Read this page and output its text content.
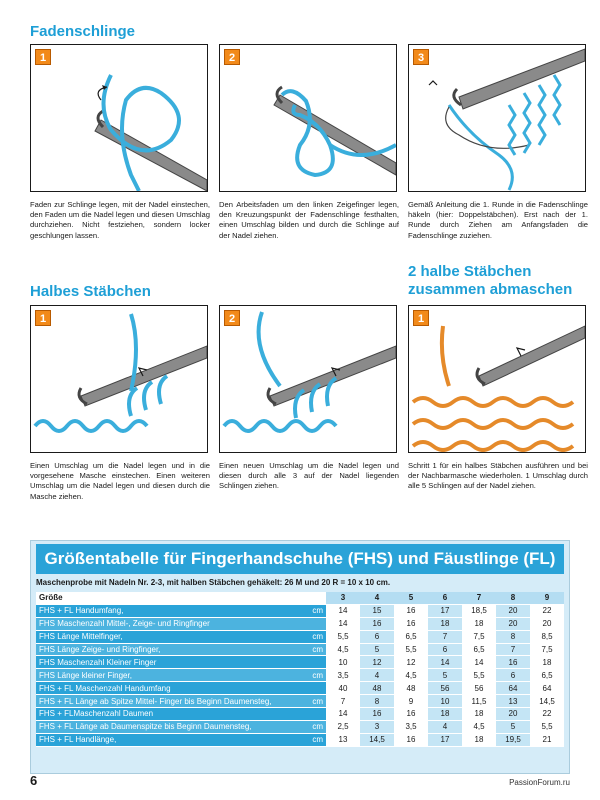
Fadenschlinge
1	2	3

Faden zur Schlinge legen, mit der Nadel einstechen, den Faden um die Nadel legen und diesen Umschlag durchziehen. Nicht festziehen, sondern locker geschlungen lassen.

Den Arbeitsfaden um den linken Zeigefinger legen, den Kreuzungspunkt der Fadenschlinge festhalten, einen Umschlag bilden und durch die Schlinge auf der Nadel ziehen.

Gemäß Anleitung die 1. Runde in die Fadenschlinge häkeln (hier: Doppelstäbchen). Erst nach der 1. Runde durch Ziehen am Anfangsfaden die Fadenschlinge zuziehen.

Halbes Stäbchen
2 halbe Stäbchen
zusammen abmaschen
1	2	1

Einen Umschlag um die Nadel legen und in die vorgesehene Masche einstechen. Einen weiteren Umschlag um die Nadel legen und diesen durch die Masche ziehen.

Einen neuen Umschlag um die Nadel legen und diesen durch alle 3 auf der Nadel liegenden Schlingen ziehen.

Schritt 1 für ein halbes Stäbchen ausführen und bei der Nachbarmasche wiederholen. 1 Umschlag durch alle 5 Schlingen auf der Nadel ziehen.

Größentabelle für Fingerhandschuhe (FHS) und Fäustlinge (FL)

Maschenprobe mit Nadeln Nr. 2-3, mit halben Stäbchen gehäkelt: 26 M und 20 R = 10 x 10 cm.

Größe		3	4	5	6	7	8	9
FHS + FL Handumfang,	cm	14	15	16	17	18,5	20	22
FHS Maschenzahl Mittel-, Zeige- und Ringfinger		14	16	16	18	18	20	20
FHS Länge Mittelfinger,	cm	5,5	6	6,5	7	7,5	8	8,5
FHS Länge Zeige- und Ringfinger,	cm	4,5	5	5,5	6	6,5	7	7,5
FHS Maschenzahl Kleiner Finger		10	12	12	14	14	16	18
FHS Länge kleiner Finger,	cm	3,5	4	4,5	5	5,5	6	6,5
FHS + FL Maschenzahl Handumfang		40	48	48	56	56	64	64
FHS + FL Länge ab Spitze Mittel- Finger bis Beginn Daumensteg,	cm	7	8	9	10	11,5	13	14,5
FHS + FLMaschenzahl Daumen		14	16	16	18	18	20	22
FHS + FL Länge ab Daumenspitze bis Beginn Daumensteg,	cm	2,5	3	3,5	4	4,5	5	5,5
FHS + FL Handlänge,	cm	13	14,5	16	17	18	19,5	21

6	PassionForum.ru
